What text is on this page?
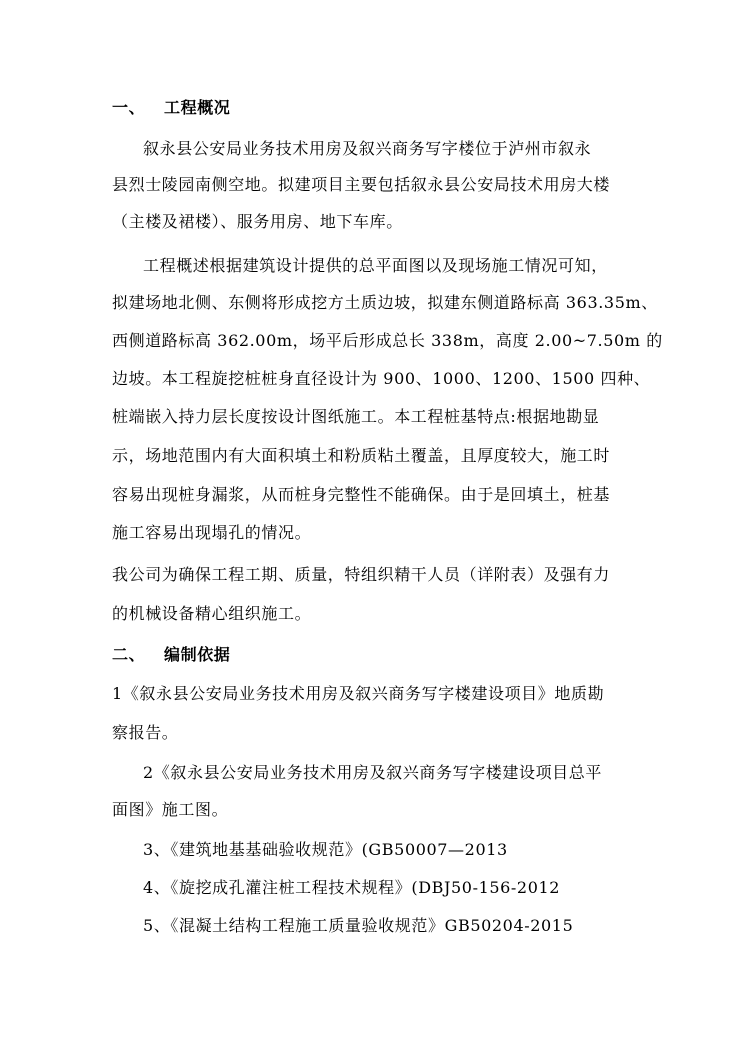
一、 工程概况
叙永县公安局业务技术用房及叙兴商务写字楼位于泸州市叙永
县烈士陵园南侧空地。拟建项目主要包括叙永县公安局技术用房大楼
（主楼及裙楼）、服务用房、地下车库。
工程概述根据建筑设计提供的总平面图以及现场施工情况可知，
拟建场地北侧、东侧将形成挖方土质边坡，拟建东侧道路标高 363.35m、
西侧道路标高 362.00m，场平后形成总长 338m，高度 2.00~7.50m 的
边坡。本工程旋挖桩桩身直径设计为 900、1000、1200、1500 四种、
桩端嵌入持力层长度按设计图纸施工。本工程桩基特点:根据地勘显
示，场地范围内有大面积填土和粉质粘土覆盖，且厚度较大，施工时
容易出现桩身漏浆，从而桩身完整性不能确保。由于是回填土，桩基
施工容易出现塌孔的情况。
我公司为确保工程工期、质量，特组织精干人员（详附表）及强有力
的机械设备精心组织施工。
二、 编制依据
1《叙永县公安局业务技术用房及叙兴商务写字楼建设项目》地质勘
察报告。
2《叙永县公安局业务技术用房及叙兴商务写字楼建设项目总平
面图》施工图。
3、《建筑地基基础验收规范》(GB50007—2013
4、《旋挖成孔灌注桩工程技术规程》(DBJ50-156-2012
5、《混凝土结构工程施工质量验收规范》GB50204-2015
